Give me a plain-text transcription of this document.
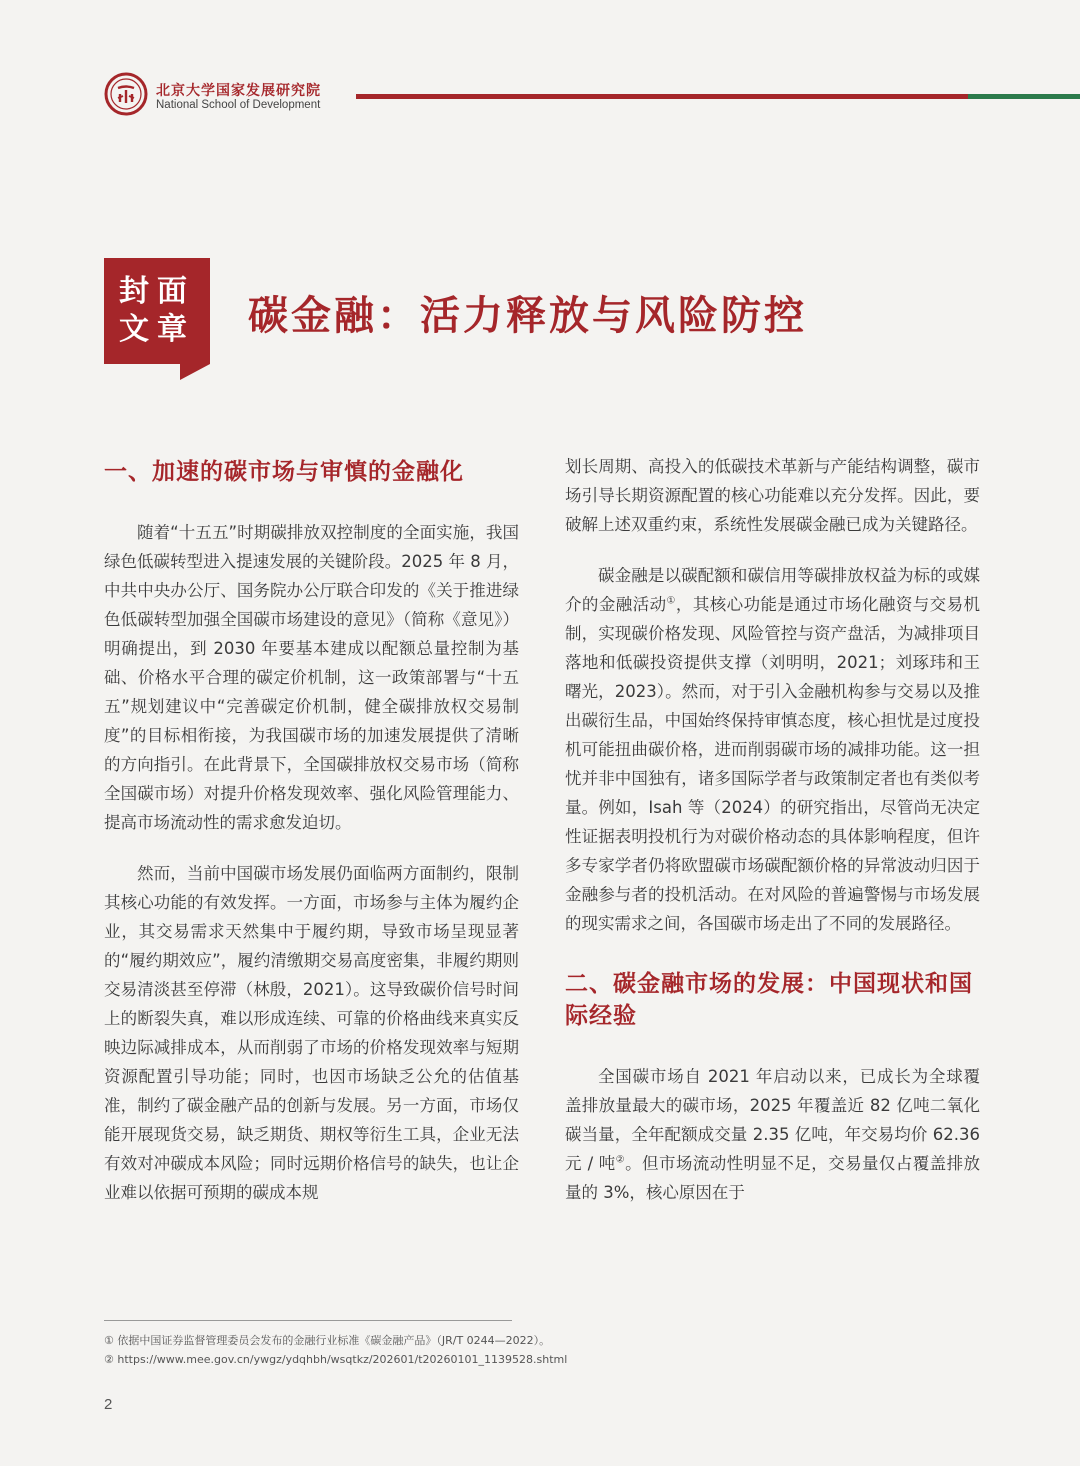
北京大学国家发展研究院
National School of Development
封面
文章 碳金融：活力释放与风险防控
一、加速的碳市场与审慎的金融化

随着“十五五”时期碳排放双控制度的全面实施，我国绿色低碳转型进入提速发展的关键阶段。2025 年 8 月，中共中央办公厅、国务院办公厅联合印发的《关于推进绿色低碳转型加强全国碳市场建设的意见》（简称《意见》）明确提出，到 2030 年要基本建成以配额总量控制为基础、价格水平合理的碳定价机制，这一政策部署与“十五五”规划建议中“完善碳定价机制，健全碳排放权交易制度”的目标相衔接，为我国碳市场的加速发展提供了清晰的方向指引。在此背景下，全国碳排放权交易市场（简称全国碳市场）对提升价格发现效率、强化风险管理能力、提高市场流动性的需求愈发迫切。

然而，当前中国碳市场发展仍面临两方面制约，限制其核心功能的有效发挥。一方面，市场参与主体为履约企业，其交易需求天然集中于履约期，导致市场呈现显著的“履约期效应”，履约清缴期交易高度密集，非履约期则交易清淡甚至停滞（林殷，2021）。这导致碳价信号时间上的断裂失真，难以形成连续、可靠的价格曲线来真实反映边际减排成本，从而削弱了市场的价格发现效率与短期资源配置引导功能；同时，也因市场缺乏公允的估值基准，制约了碳金融产品的创新与发展。另一方面，市场仅能开展现货交易，缺乏期货、期权等衍生工具，企业无法有效对冲碳成本风险；同时远期价格信号的缺失，也让企业难以依据可预期的碳成本规

划长周期、高投入的低碳技术革新与产能结构调整，碳市场引导长期资源配置的核心功能难以充分发挥。因此，要破解上述双重约束，系统性发展碳金融已成为关键路径。

碳金融是以碳配额和碳信用等碳排放权益为标的或媒介的金融活动①，其核心功能是通过市场化融资与交易机制，实现碳价格发现、风险管控与资产盘活，为减排项目落地和低碳投资提供支撑（刘明明，2021；刘琢玮和王曙光，2023）。然而，对于引入金融机构参与交易以及推出碳衍生品，中国始终保持审慎态度，核心担忧是过度投机可能扭曲碳价格，进而削弱碳市场的减排功能。这一担忧并非中国独有，诸多国际学者与政策制定者也有类似考量。例如，Isah 等（2024）的研究指出，尽管尚无决定性证据表明投机行为对碳价格动态的具体影响程度，但许多专家学者仍将欧盟碳市场碳配额价格的异常波动归因于金融参与者的投机活动。在对风险的普遍警惕与市场发展的现实需求之间，各国碳市场走出了不同的发展路径。

二、碳金融市场的发展：中国现状和国际经验

全国碳市场自 2021 年启动以来，已成长为全球覆盖排放量最大的碳市场，2025 年覆盖近 82 亿吨二氧化碳当量，全年配额成交量 2.35 亿吨，年交易均价 62.36 元 / 吨②。但市场流动性明显不足，交易量仅占覆盖排放量的 3%，核心原因在于

① 依据中国证券监督管理委员会发布的金融行业标准《碳金融产品》（JR/T 0244—2022）。
② https://www.mee.gov.cn/ywgz/ydqhbh/wsqtkz/202601/t20260101_1139528.shtml
2
